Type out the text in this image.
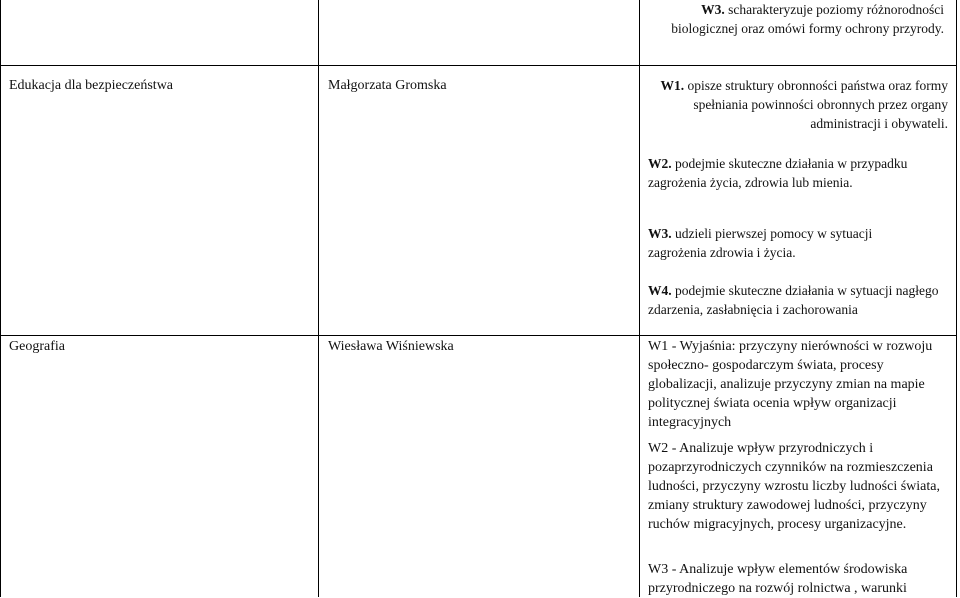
W3. scharakteryzuje poziomy różnorodności biologicznej oraz omówi formy ochrony przyrody.
Edukacja dla bezpieczeństwa	Małgorzata Gromska	W1. opisze struktury obronności państwa oraz formy spełniania powinności obronnych przez organy administracji i obywateli.
W2. podejmie skuteczne działania w przypadku zagrożenia życia, zdrowia lub mienia.
W3. udzieli pierwszej pomocy w sytuacji zagrożenia zdrowia i życia.
W4. podejmie skuteczne działania w sytuacji nagłego zdarzenia, zasłabnięcia i zachorowania
Geografia	Wiesława Wiśniewska	W1 - Wyjaśnia: przyczyny nierówności w rozwoju społeczno- gospodarczym świata, procesy globalizacji, analizuje przyczyny zmian na mapie politycznej świata ocenia wpływ organizacji integracyjnych
W2 - Analizuje wpływ przyrodniczych i pozaprzyrodniczych czynników na rozmieszczenia ludności, przyczyny wzrostu liczby ludności świata, zmiany struktury zawodowej ludności, przyczyny ruchów migracyjnych, procesy urganizacyjne.
W3 - Analizuje wpływ elementów środowiska przyrodniczego na rozwój rolnictwa , warunki
